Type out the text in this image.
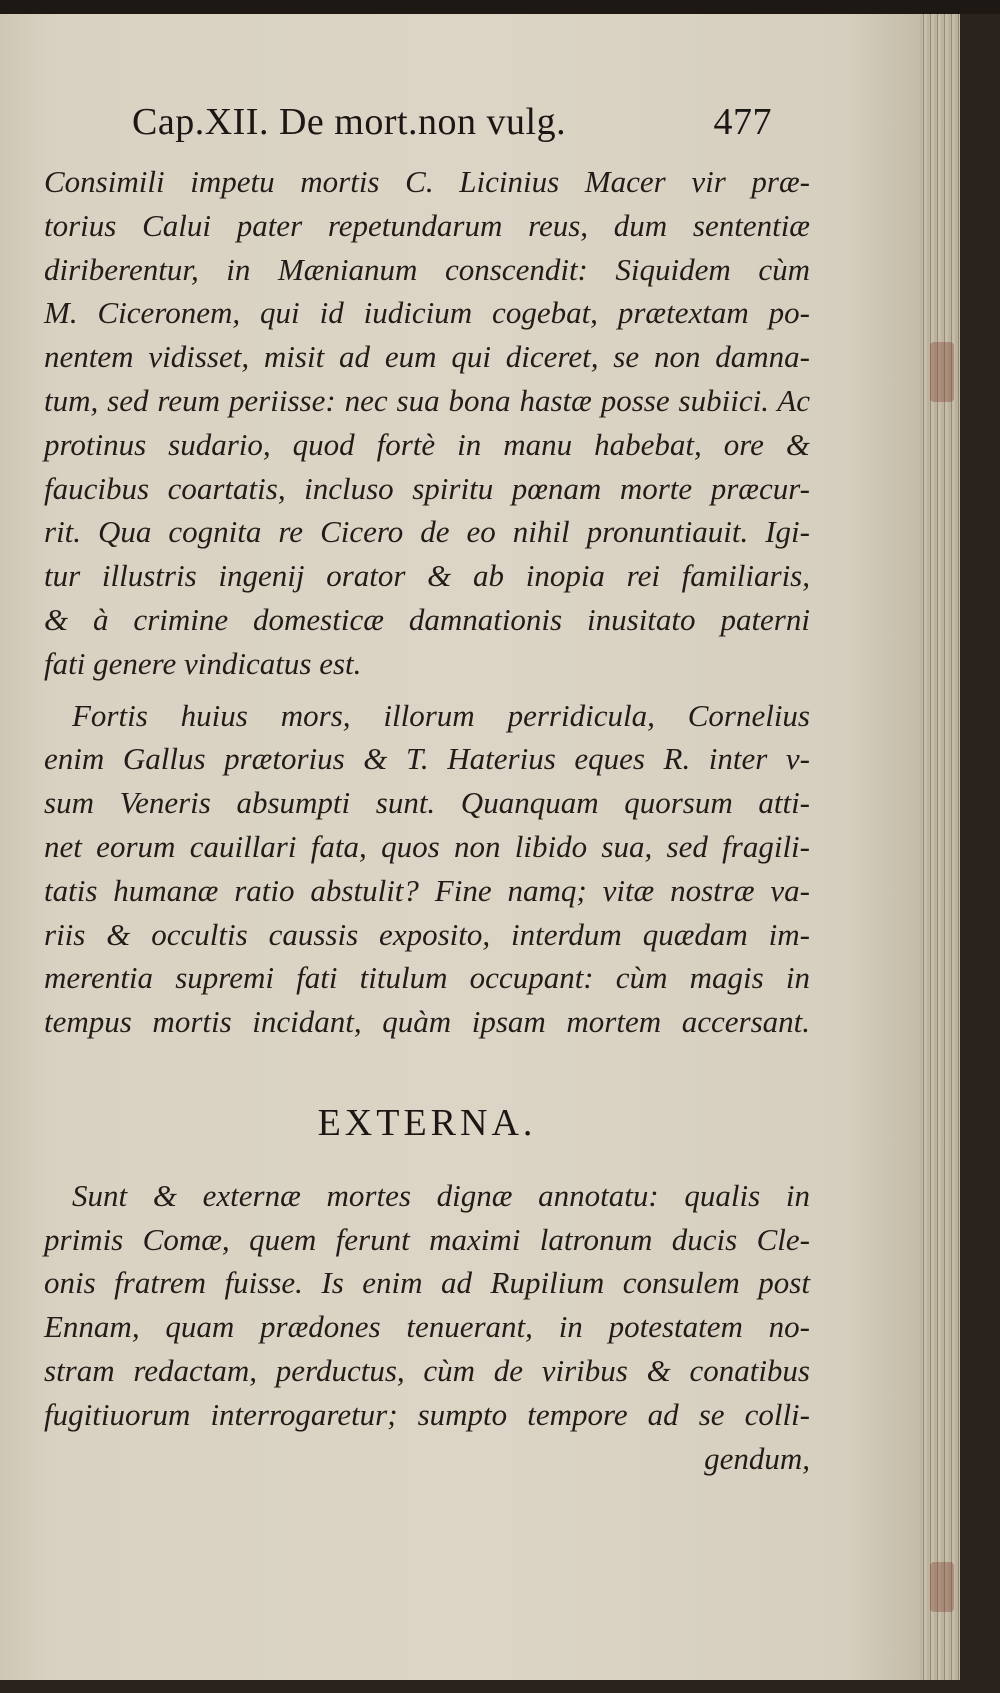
Cap.XII. De mort.non vulg.	477
Consimili impetu mortis C. Licinius Macer vir præ-
torius Calui pater repetundarum reus, dum sententiæ
diriberentur, in Mænianum conscendit: Siquidem cùm
M. Ciceronem, qui id iudicium cogebat, prætextam po-
nentem vidisset, misit ad eum qui diceret, se non damna-
tum, sed reum periisse: nec sua bona hastæ posse subiici. Ac
protinus sudario, quod fortè in manu habebat, ore &
faucibus coartatis, incluso spiritu pœnam morte præcur-
rit. Qua cognita re Cicero de eo nihil pronuntiauit. Igi-
tur illustris ingenij orator & ab inopia rei familiaris,
& à crimine domesticæ damnationis inusitato paterni
fati genere vindicatus est.
Fortis huius mors, illorum perridicula, Cornelius
enim Gallus prætorius & T. Haterius eques R. inter v-
sum Veneris absumpti sunt. Quanquam quorsum atti-
net eorum cauillari fata, quos non libido sua, sed fragili-
tatis humanæ ratio abstulit? Fine namq; vitæ nostræ va-
riis & occultis caussis exposito, interdum quædam im-
merentia supremi fati titulum occupant: cùm magis in
tempus mortis incidant, quàm ipsam mortem accersant.
EXTERNA.
Sunt & externæ mortes dignæ annotatu: qualis in
primis Comæ, quem ferunt maximi latronum ducis Cle-
onis fratrem fuisse. Is enim ad Rupilium consulem post
Ennam, quam prædones tenuerant, in potestatem no-
stram redactam, perductus, cùm de viribus & conatibus
fugitiuorum interrogaretur; sumpto tempore ad se colli-
gendum,
